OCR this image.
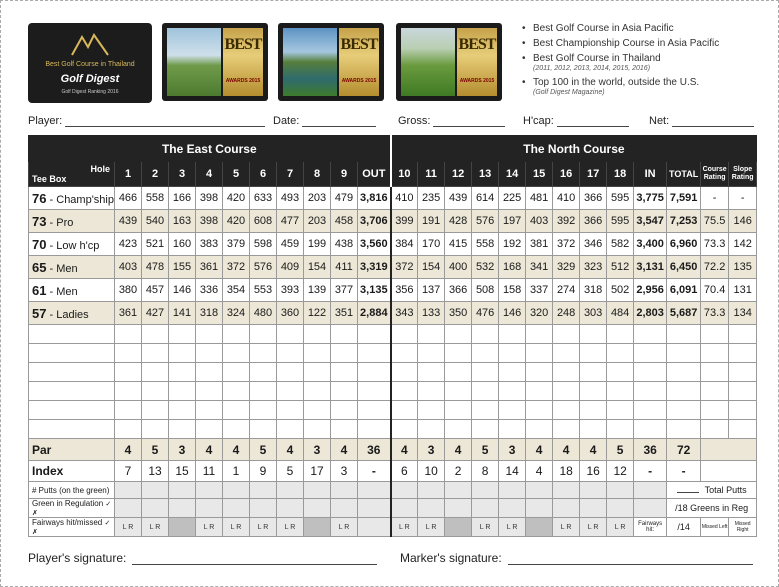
Best Golf Course in Thailand
Golf Digest
Golf Digest Ranking 2016
BEST
AWARDS 2015
BEST
AWARDS 2015
BEST
AWARDS 2015
• Best Golf Course in Asia Pacific
• Best Championship Course in Asia Pacific
• Best Golf Course in Thailand
(2011, 2012, 2013, 2014, 2015, 2016)
• Top 100 in the world, outside the U.S.
(Golf Digest Magazine)
Player:	Date:	Gross:	H'cap:	Net:
The East Course											The North Course												

Hole
Tee Box	1	2	3	4	5	6	7	8	9	OUT	10	11	12	13	14	15	16	17	18	IN	TOTAL	Course Rating	Slope Rating
76 - Champ'ship	466	558	166	398	420	633	493	203	479	3,816	410	235	439	614	225	481	410	366	595	3,775	7,591	-	-
73 - Pro	439	540	163	398	420	608	477	203	458	3,706	399	191	428	576	197	403	392	366	595	3,547	7,253	75.5	146
70 - Low h'cp	423	521	160	383	379	598	459	199	438	3,560	384	170	415	558	192	381	372	346	582	3,400	6,960	73.3	142
65 - Men	403	478	155	361	372	576	409	154	411	3,319	372	154	400	532	168	341	329	323	512	3,131	6,450	72.2	135
61 - Men	380	457	146	336	354	553	393	139	377	3,135	356	137	366	508	158	337	274	318	502	2,956	6,091	70.4	131
57 - Ladies	361	427	141	318	324	480	360	122	351	2,884	343	133	350	476	146	320	248	303	484	2,803	5,687	73.3	134

Par	4	5	3	4	4	5	4	3	4	36	4	3	4	5	3	4	4	4	5	36	72		
Index	7	13	15	11	1	9	5	17	3	-	6	10	2	8	14	4	18	16	12	-	-		
# Putts (on the green)																					Total Putts		
Green in Regulation ✓ ✗																					/18 Greens in Reg		
Fairways hit/missed ✓ ✗	L R	L R		L R	L R	L R	L R		L R		L R	L R		L R	L R		L R	L R	L R	Fairways hit:	/14	Missed Left	Missed Right
Player's signature:	Marker's signature:
